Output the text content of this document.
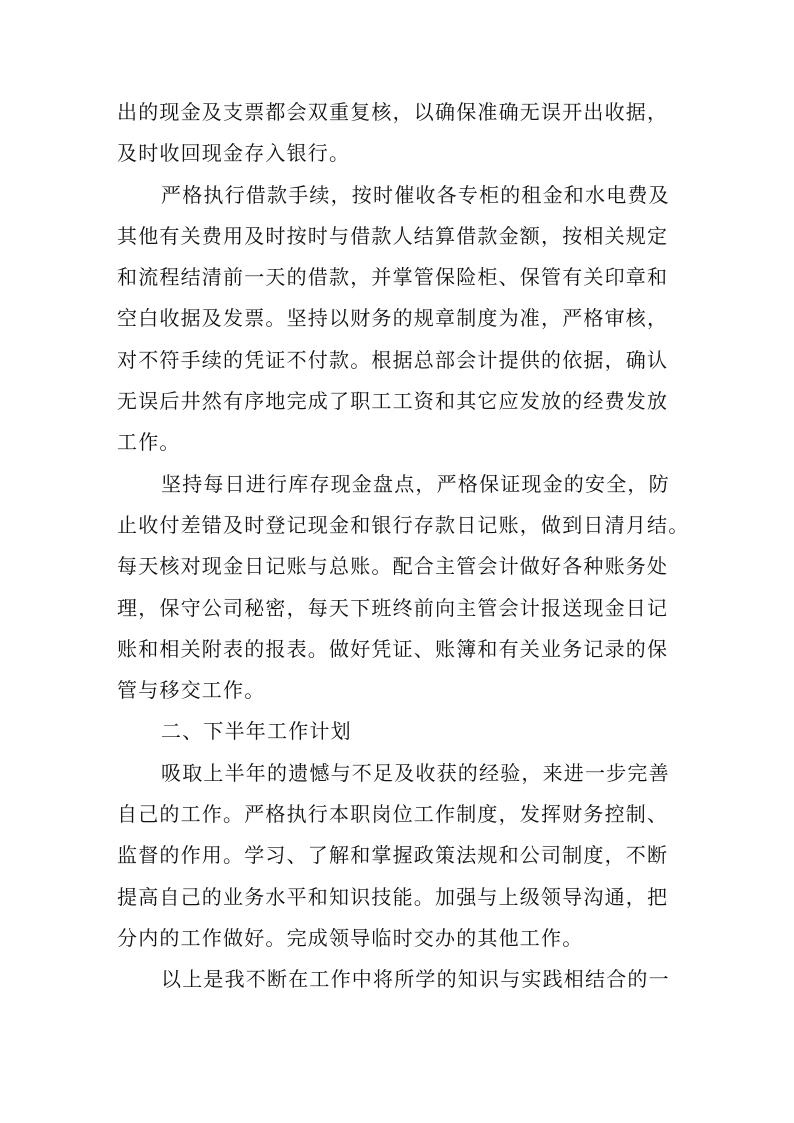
出的现金及支票都会双重复核，以确保准确无误开出收据，
及时收回现金存入银行。
严格执行借款手续，按时催收各专柜的租金和水电费及
其他有关费用及时按时与借款人结算借款金额，按相关规定
和流程结清前一天的借款，并掌管保险柜、保管有关印章和
空白收据及发票。坚持以财务的规章制度为准，严格审核，
对不符手续的凭证不付款。根据总部会计提供的依据，确认
无误后井然有序地完成了职工工资和其它应发放的经费发放
工作。
坚持每日进行库存现金盘点，严格保证现金的安全，防
止收付差错及时登记现金和银行存款日记账，做到日清月结。
每天核对现金日记账与总账。配合主管会计做好各种账务处
理，保守公司秘密，每天下班终前向主管会计报送现金日记
账和相关附表的报表。做好凭证、账簿和有关业务记录的保
管与移交工作。
二、下半年工作计划
吸取上半年的遗憾与不足及收获的经验，来进一步完善
自己的工作。严格执行本职岗位工作制度，发挥财务控制、
监督的作用。学习、了解和掌握政策法规和公司制度，不断
提高自己的业务水平和知识技能。加强与上级领导沟通，把
分内的工作做好。完成领导临时交办的其他工作。
以上是我不断在工作中将所学的知识与实践相结合的一
